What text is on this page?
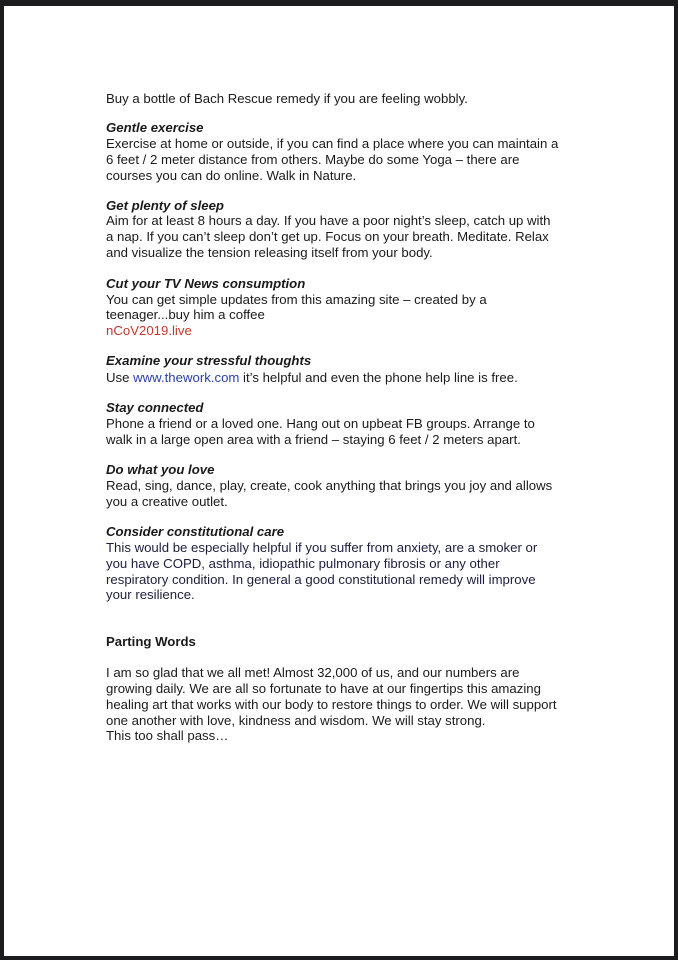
Buy a bottle of Bach Rescue remedy if you are feeling wobbly.
Gentle exercise
Exercise at home or outside, if you can find a place where you can maintain a
6 feet / 2 meter distance from others. Maybe do some Yoga – there are
courses you can do online. Walk in Nature.
Get plenty of sleep
Aim for at least 8 hours a day. If you have a poor night’s sleep, catch up with
a nap. If you can’t sleep don’t get up. Focus on your breath. Meditate. Relax
and visualize the tension releasing itself from your body.
Cut your TV News consumption
You can get simple updates from this amazing site – created by a
teenager...buy him a coffee
nCoV2019.live
Examine your stressful thoughts
Use www.thework.com it’s helpful and even the phone help line is free.
Stay connected
Phone a friend or a loved one. Hang out on upbeat FB groups. Arrange to
walk in a large open area with a friend – staying 6 feet / 2 meters apart.
Do what you love
Read, sing, dance, play, create, cook anything that brings you joy and allows
you a creative outlet.
Consider constitutional care
This would be especially helpful if you suffer from anxiety, are a smoker or
you have COPD, asthma, idiopathic pulmonary fibrosis or any other
respiratory condition. In general a good constitutional remedy will improve
your resilience.
Parting Words
I am so glad that we all met! Almost 32,000 of us, and our numbers are
growing daily. We are all so fortunate to have at our fingertips this amazing
healing art that works with our body to restore things to order. We will support
one another with love, kindness and wisdom. We will stay strong.
This too shall pass…
